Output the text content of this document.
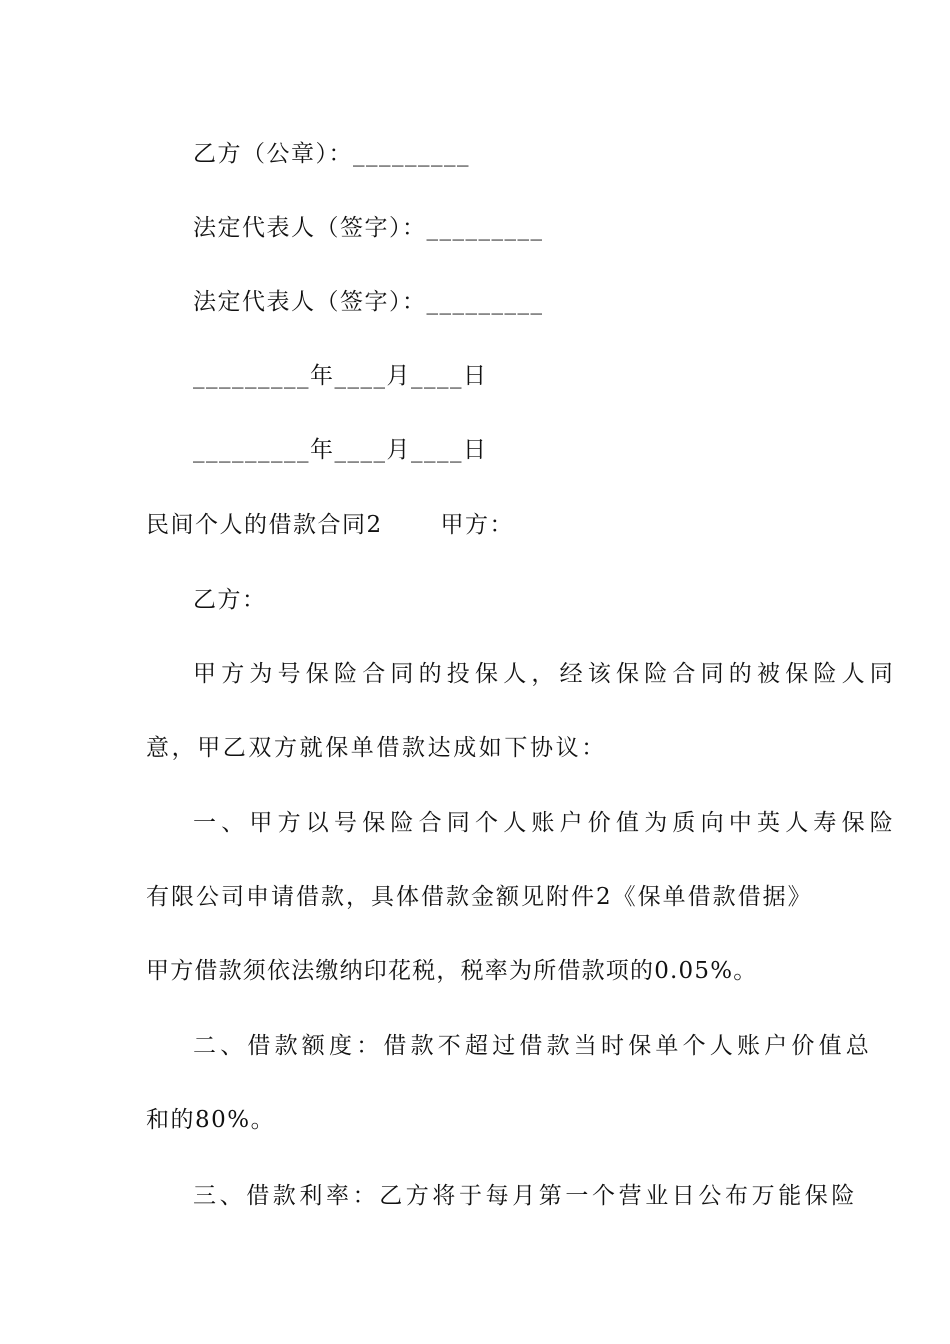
乙方（公章）：_________
法定代表人（签字）：_________
法定代表人（签字）：_________
_________年____月____日
_________年____月____日
民间个人的借款合同2　　 甲方：
乙方：
甲方为号保险合同的投保人，经该保险合同的被保险人同
意，甲乙双方就保单借款达成如下协议：
一、甲方以号保险合同个人账户价值为质向中英人寿保险
有限公司申请借款，具体借款金额见附件2《保单借款借据》
甲方借款须依法缴纳印花税，税率为所借款项的0.05%。
二、借款额度：借款不超过借款当时保单个人账户价值总
和的80%。
三、借款利率：乙方将于每月第一个营业日公布万能保险
